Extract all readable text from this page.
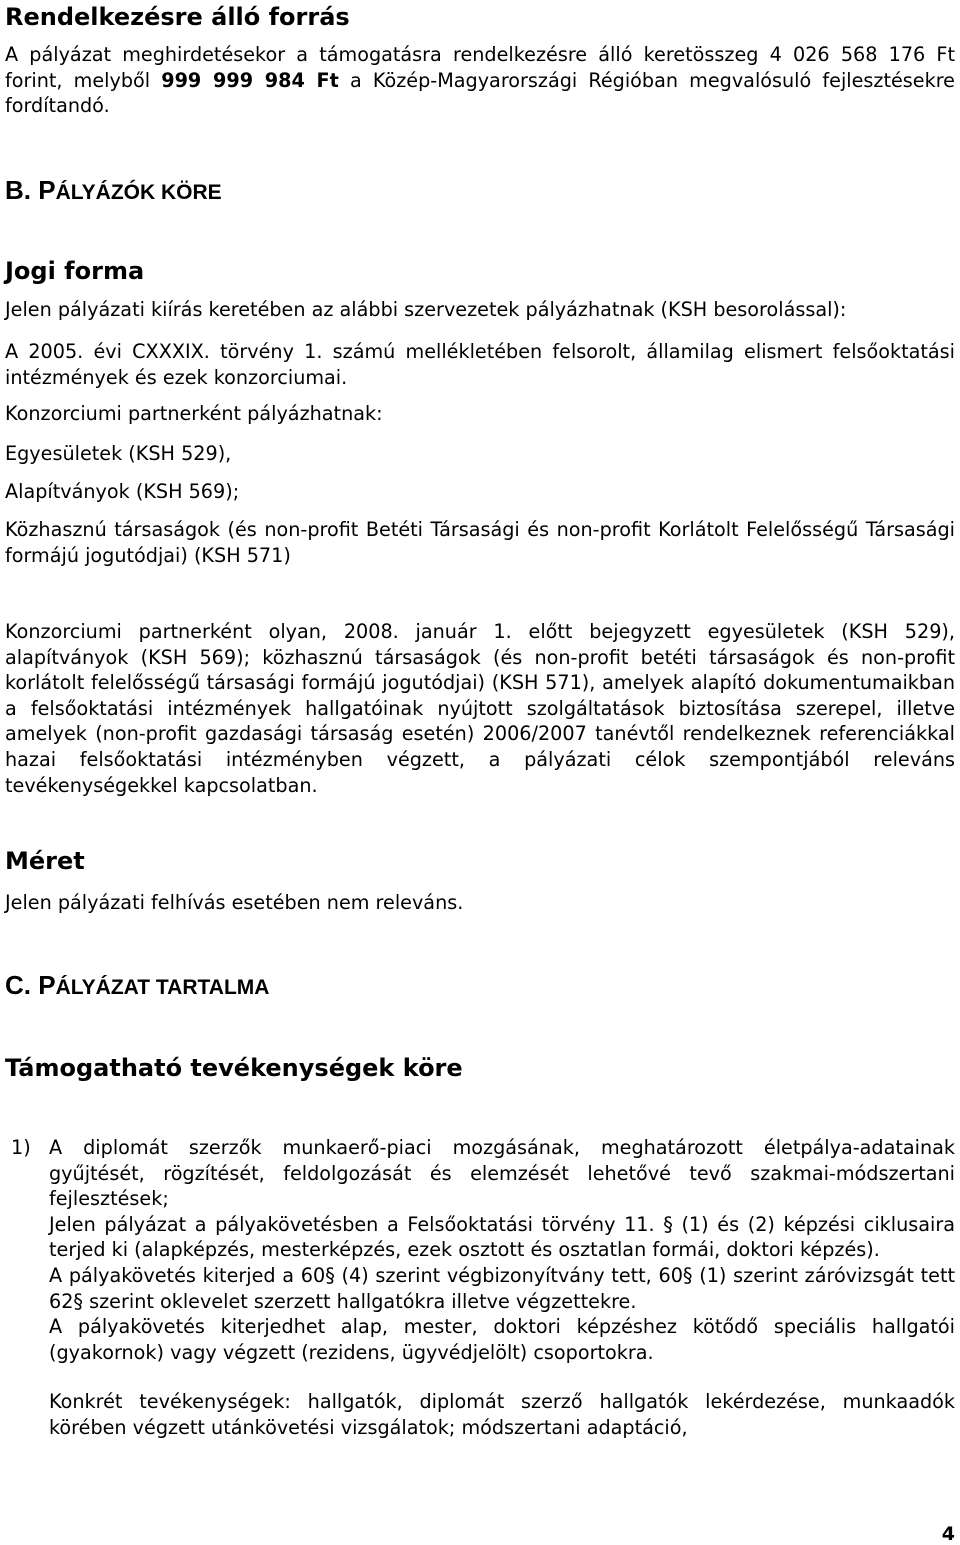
Rendelkezésre álló forrás

A pályázat meghirdetésekor a támogatásra rendelkezésre álló keretösszeg 4 026 568 176 Ft forint, melyből 999 999 984 Ft a Közép-Magyarországi Régióban megvalósuló fejlesztésekre fordítandó.

B. PÁLYÁZÓK KÖRE
Jogi forma

Jelen pályázati kiírás keretében az alábbi szervezetek pályázhatnak (KSH besorolással):

A 2005. évi CXXXIX. törvény 1. számú mellékletében felsorolt, államilag elismert felsőoktatási intézmények és ezek konzorciumai.

Konzorciumi partnerként pályázhatnak:

Egyesületek (KSH 529),

Alapítványok (KSH 569);

Közhasznú társaságok (és non-profit Betéti Társasági és non-profit Korlátolt Felelősségű Társasági formájú jogutódjai) (KSH 571)

Konzorciumi partnerként olyan, 2008. január 1. előtt bejegyzett egyesületek (KSH 529), alapítványok (KSH 569); közhasznú társaságok (és non-profit betéti társaságok és non-profit korlátolt felelősségű társasági formájú jogutódjai) (KSH 571), amelyek alapító dokumentumaikban a felsőoktatási intézmények hallgatóinak nyújtott szolgáltatások biztosítása szerepel, illetve amelyek (non-profit gazdasági társaság esetén) 2006/2007 tanévtől rendelkeznek referenciákkal hazai felsőoktatási intézményben végzett, a pályázati célok szempontjából releváns tevékenységekkel kapcsolatban.

Méret

Jelen pályázati felhívás esetében nem releváns.

C. PÁLYÁZAT TARTALMA
Támogatható tevékenységek köre
1) A diplomát szerzők munkaerő-piaci mozgásának, meghatározott életpálya-adatainak gyűjtését, rögzítését, feldolgozását és elemzését lehetővé tevő szakmai-módszertani fejlesztések;

Jelen pályázat a pályakövetésben a Felsőoktatási törvény 11. § (1) és (2) képzési ciklusaira terjed ki (alapképzés, mesterképzés, ezek osztott és osztatlan formái, doktori képzés).

A pályakövetés kiterjed a 60§ (4) szerint végbizonyítvány tett, 60§ (1) szerint záróvizsgát tett 62§ szerint oklevelet szerzett hallgatókra illetve végzettekre.

A pályakövetés kiterjedhet alap, mester, doktori képzéshez kötődő speciális hallgatói (gyakornok) vagy végzett (rezidens, ügyvédjelölt) csoportokra.

Konkrét tevékenységek: hallgatók, diplomát szerző hallgatók lekérdezése, munkaadók körében végzett utánkövetési vizsgálatok; módszertani adaptáció,

4
